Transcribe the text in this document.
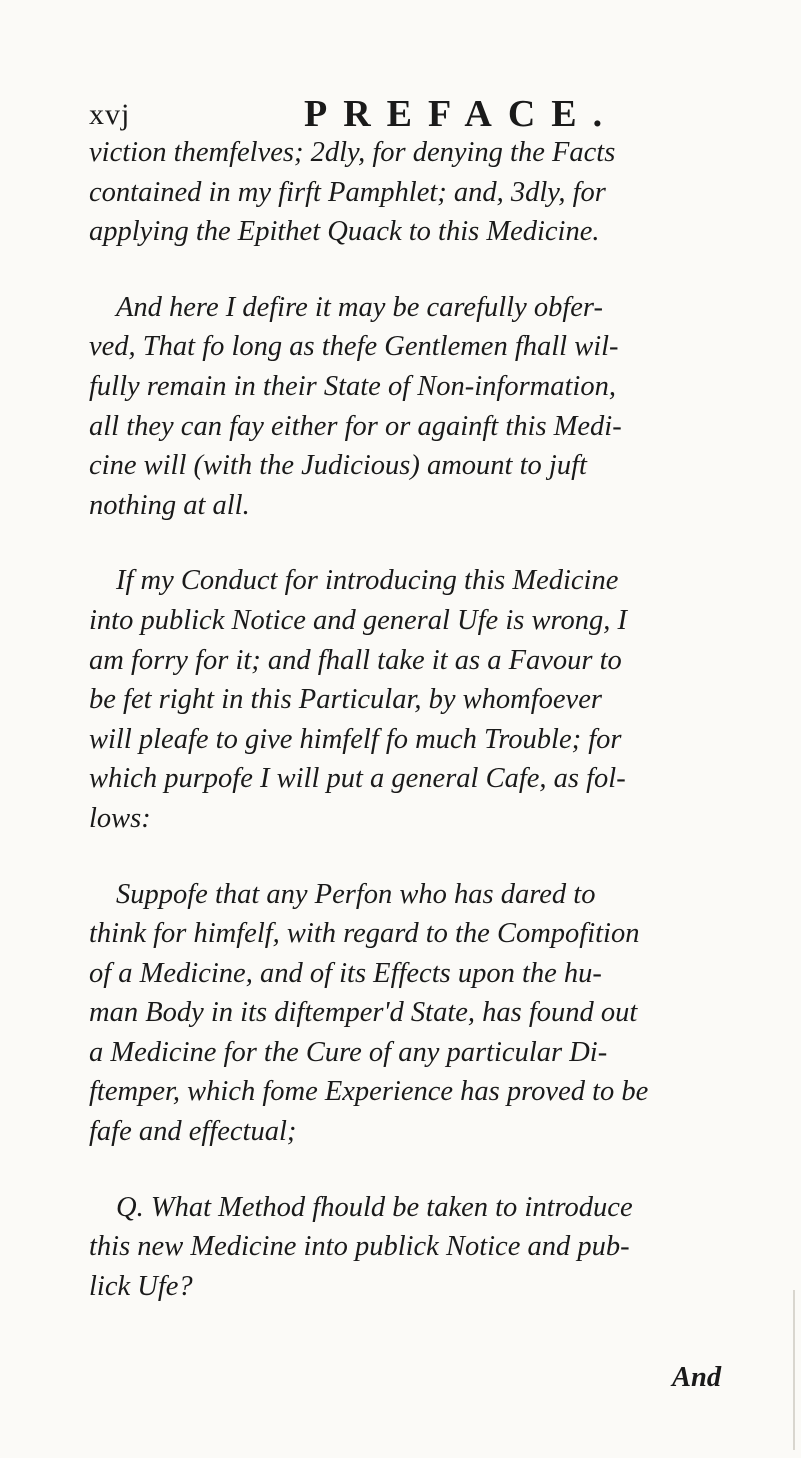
xvj	PREFACE.
viction themfelves; 2dly, for denying the Facts
contained in my firft Pamphlet; and, 3dly, for
applying the Epithet Quack to this Medicine.
And here I defire it may be carefully obfer-
ved, That fo long as thefe Gentlemen fhall wil-
fully remain in their State of Non-information,
all they can fay either for or againft this Medi-
cine will (with the Judicious) amount to juft
nothing at all.
If my Conduct for introducing this Medicine
into publick Notice and general Ufe is wrong, I
am forry for it; and fhall take it as a Favour to
be fet right in this Particular, by whomfoever
will pleafe to give himfelf fo much Trouble; for
which purpofe I will put a general Cafe, as fol-
lows:
Suppofe that any Perfon who has dared to
think for himfelf, with regard to the Compofition
of a Medicine, and of its Effects upon the hu-
man Body in its diftemper'd State, has found out
a Medicine for the Cure of any particular Di-
ftemper, which fome Experience has proved to be
fafe and effectual;
Q. What Method fhould be taken to introduce
this new Medicine into publick Notice and pub-
lick Ufe?
And
